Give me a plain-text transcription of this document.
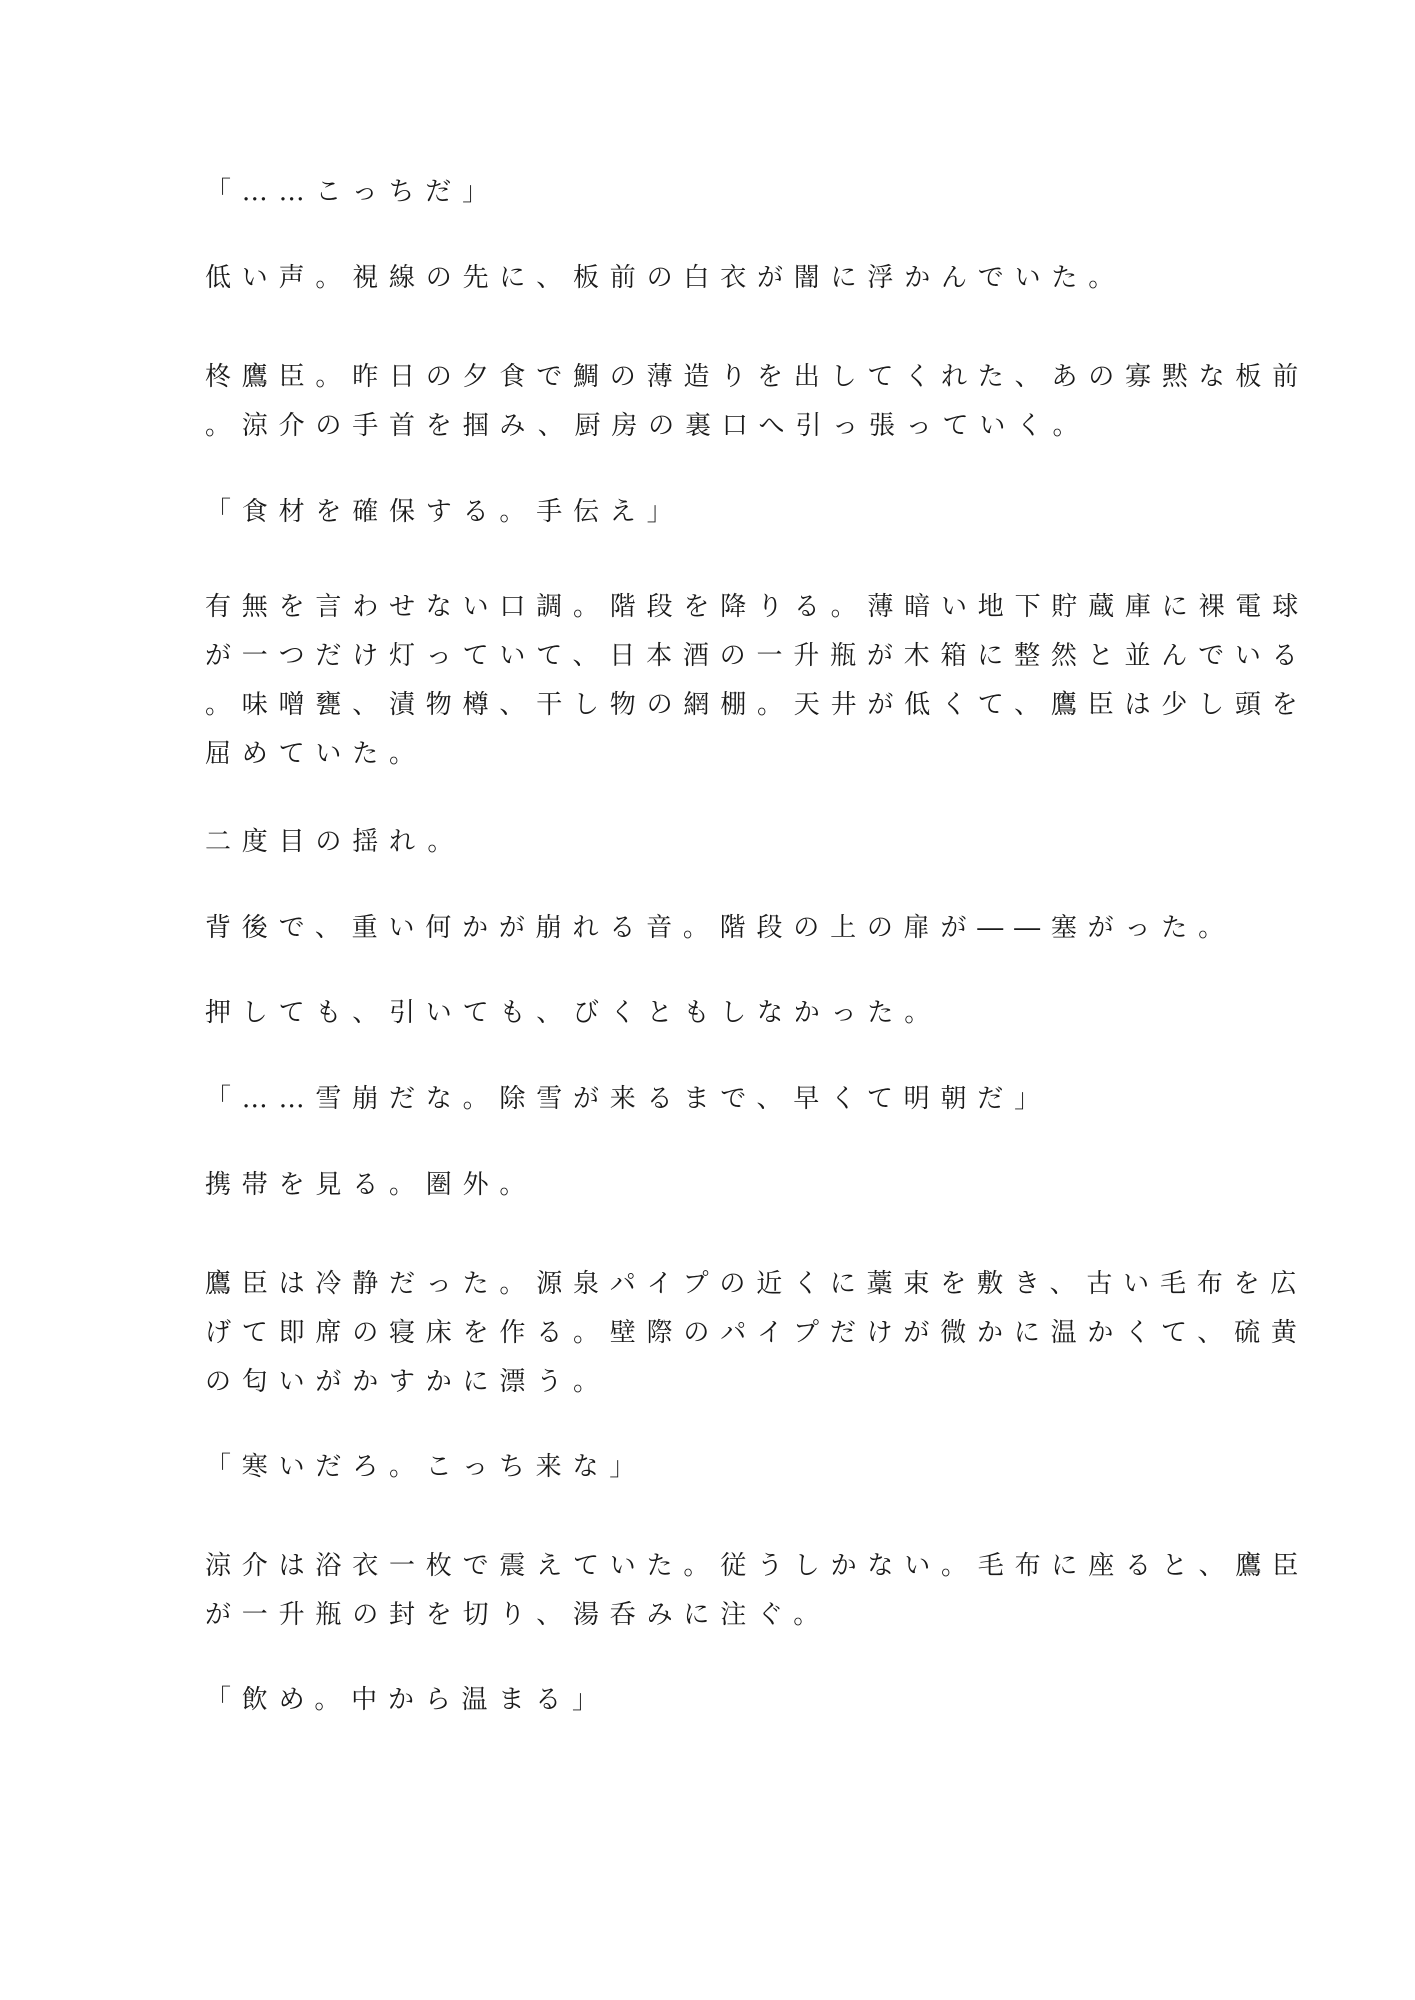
「……こっちだ」

低い声。視線の先に、板前の白衣が闇に浮かんでいた。

柊鷹臣。昨日の夕食で鯛の薄造りを出してくれた、あの寡黙な板前
。涼介の手首を掴み、厨房の裏口へ引っ張っていく。

「食材を確保する。手伝え」

有無を言わせない口調。階段を降りる。薄暗い地下貯蔵庫に裸電球
が一つだけ灯っていて、日本酒の一升瓶が木箱に整然と並んでいる
。味噌甕、漬物樽、干し物の網棚。天井が低くて、鷹臣は少し頭を
屈めていた。

二度目の揺れ。

背後で、重い何かが崩れる音。階段の上の扉が――塞がった。

押しても、引いても、びくともしなかった。

「……雪崩だな。除雪が来るまで、早くて明朝だ」

携帯を見る。圏外。

鷹臣は冷静だった。源泉パイプの近くに藁束を敷き、古い毛布を広
げて即席の寝床を作る。壁際のパイプだけが微かに温かくて、硫黄
の匂いがかすかに漂う。

「寒いだろ。こっち来な」

涼介は浴衣一枚で震えていた。従うしかない。毛布に座ると、鷹臣
が一升瓶の封を切り、湯呑みに注ぐ。

「飲め。中から温まる」
